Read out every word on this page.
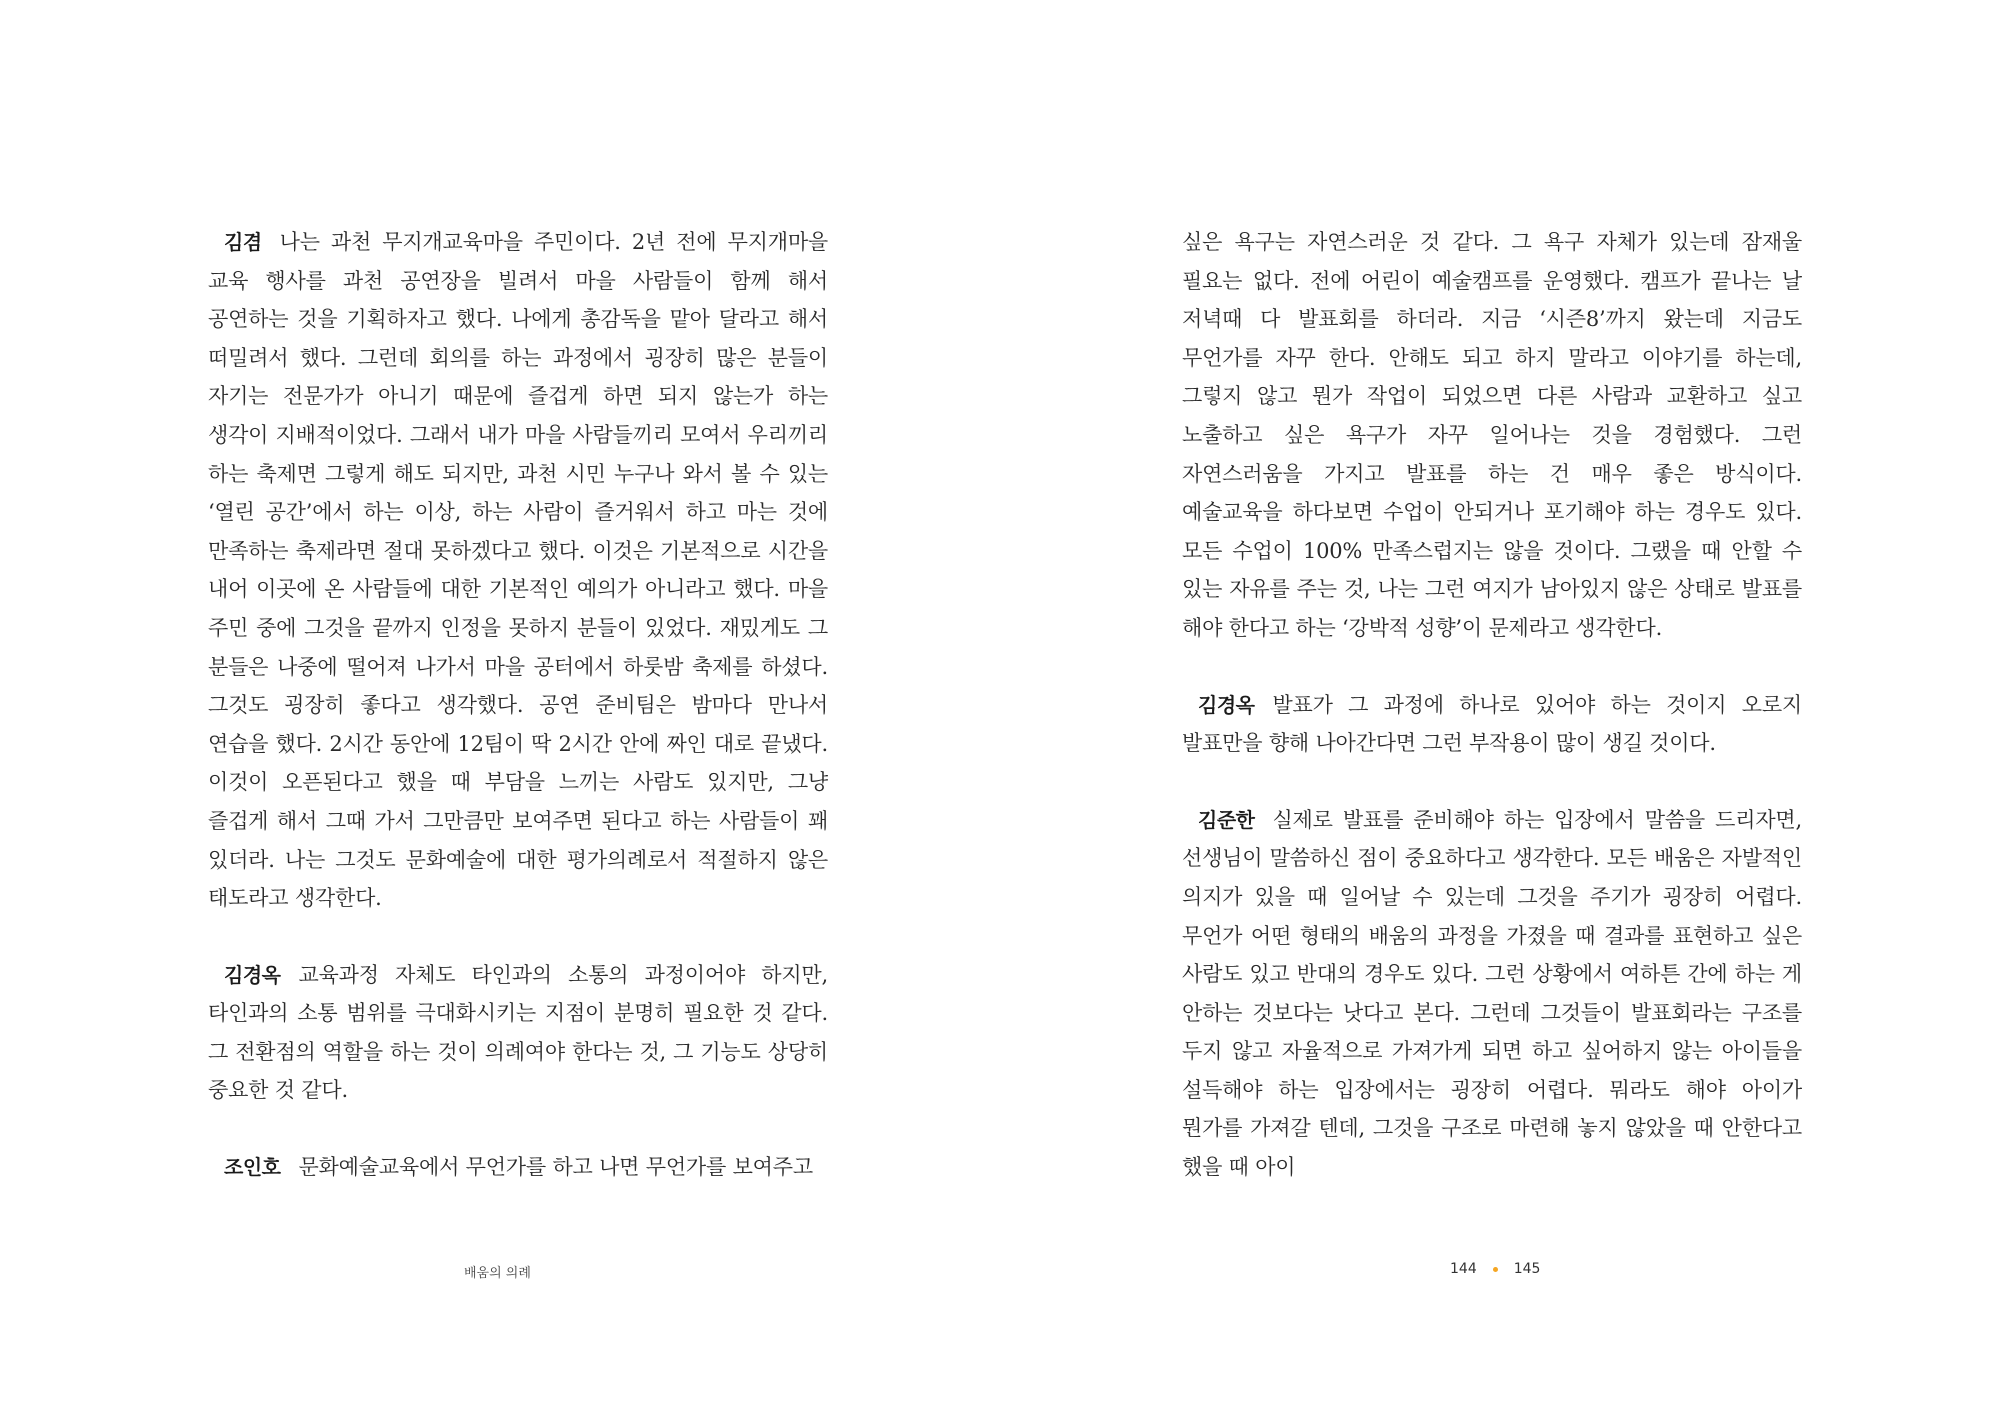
김겸 나는 과천 무지개교육마을 주민이다. 2년 전에 무지개마을 교육 행사를 과천 공연장을 빌려서 마을 사람들이 함께 해서 공연하는 것을 기획하자고 했다. 나에게 총감독을 맡아 달라고 해서 떠밀려서 했다. 그런데 회의를 하는 과정에서 굉장히 많은 분들이 자기는 전문가가 아니기 때문에 즐겁게 하면 되지 않는가 하는 생각이 지배적이었다. 그래서 내가 마을 사람들끼리 모여서 우리끼리 하는 축제면 그렇게 해도 되지만, 과천 시민 누구나 와서 볼 수 있는 ‘열린 공간’에서 하는 이상, 하는 사람이 즐거워서 하고 마는 것에 만족하는 축제라면 절대 못하겠다고 했다. 이것은 기본적으로 시간을 내어 이곳에 온 사람들에 대한 기본적인 예의가 아니라고 했다. 마을 주민 중에 그것을 끝까지 인정을 못하지 분들이 있었다. 재밌게도 그 분들은 나중에 떨어져 나가서 마을 공터에서 하룻밤 축제를 하셨다. 그것도 굉장히 좋다고 생각했다. 공연 준비팀은 밤마다 만나서 연습을 했다. 2시간 동안에 12팀이 딱 2시간 안에 짜인 대로 끝냈다. 이것이 오픈된다고 했을 때 부담을 느끼는 사람도 있지만, 그냥 즐겁게 해서 그때 가서 그만큼만 보여주면 된다고 하는 사람들이 꽤 있더라. 나는 그것도 문화예술에 대한 평가의례로서 적절하지 않은 태도라고 생각한다.

김경옥 교육과정 자체도 타인과의 소통의 과정이어야 하지만, 타인과의 소통 범위를 극대화시키는 지점이 분명히 필요한 것 같다. 그 전환점의 역할을 하는 것이 의례여야 한다는 것, 그 기능도 상당히 중요한 것 같다.

조인호 문화예술교육에서 무언가를 하고 나면 무언가를 보여주고

배움의 의례

싶은 욕구는 자연스러운 것 같다. 그 욕구 자체가 있는데 잠재울 필요는 없다. 전에 어린이 예술캠프를 운영했다. 캠프가 끝나는 날 저녁때 다 발표회를 하더라. 지금 ‘시즌8’까지 왔는데 지금도 무언가를 자꾸 한다. 안해도 되고 하지 말라고 이야기를 하는데, 그렇지 않고 뭔가 작업이 되었으면 다른 사람과 교환하고 싶고 노출하고 싶은 욕구가 자꾸 일어나는 것을 경험했다. 그런 자연스러움을 가지고 발표를 하는 건 매우 좋은 방식이다. 예술교육을 하다보면 수업이 안되거나 포기해야 하는 경우도 있다. 모든 수업이 100% 만족스럽지는 않을 것이다. 그랬을 때 안할 수 있는 자유를 주는 것, 나는 그런 여지가 남아있지 않은 상태로 발표를 해야 한다고 하는 ‘강박적 성향’이 문제라고 생각한다.

김경옥 발표가 그 과정에 하나로 있어야 하는 것이지 오로지 발표만을 향해 나아간다면 그런 부작용이 많이 생길 것이다.

김준한 실제로 발표를 준비해야 하는 입장에서 말씀을 드리자면, 선생님이 말씀하신 점이 중요하다고 생각한다. 모든 배움은 자발적인 의지가 있을 때 일어날 수 있는데 그것을 주기가 굉장히 어렵다. 무언가 어떤 형태의 배움의 과정을 가졌을 때 결과를 표현하고 싶은 사람도 있고 반대의 경우도 있다. 그런 상황에서 여하튼 간에 하는 게 안하는 것보다는 낫다고 본다. 그런데 그것들이 발표회라는 구조를 두지 않고 자율적으로 가져가게 되면 하고 싶어하지 않는 아이들을 설득해야 하는 입장에서는 굉장히 어렵다. 뭐라도 해야 아이가 뭔가를 가져갈 텐데, 그것을 구조로 마련해 놓지 않았을 때 안한다고 했을 때 아이

144	145
